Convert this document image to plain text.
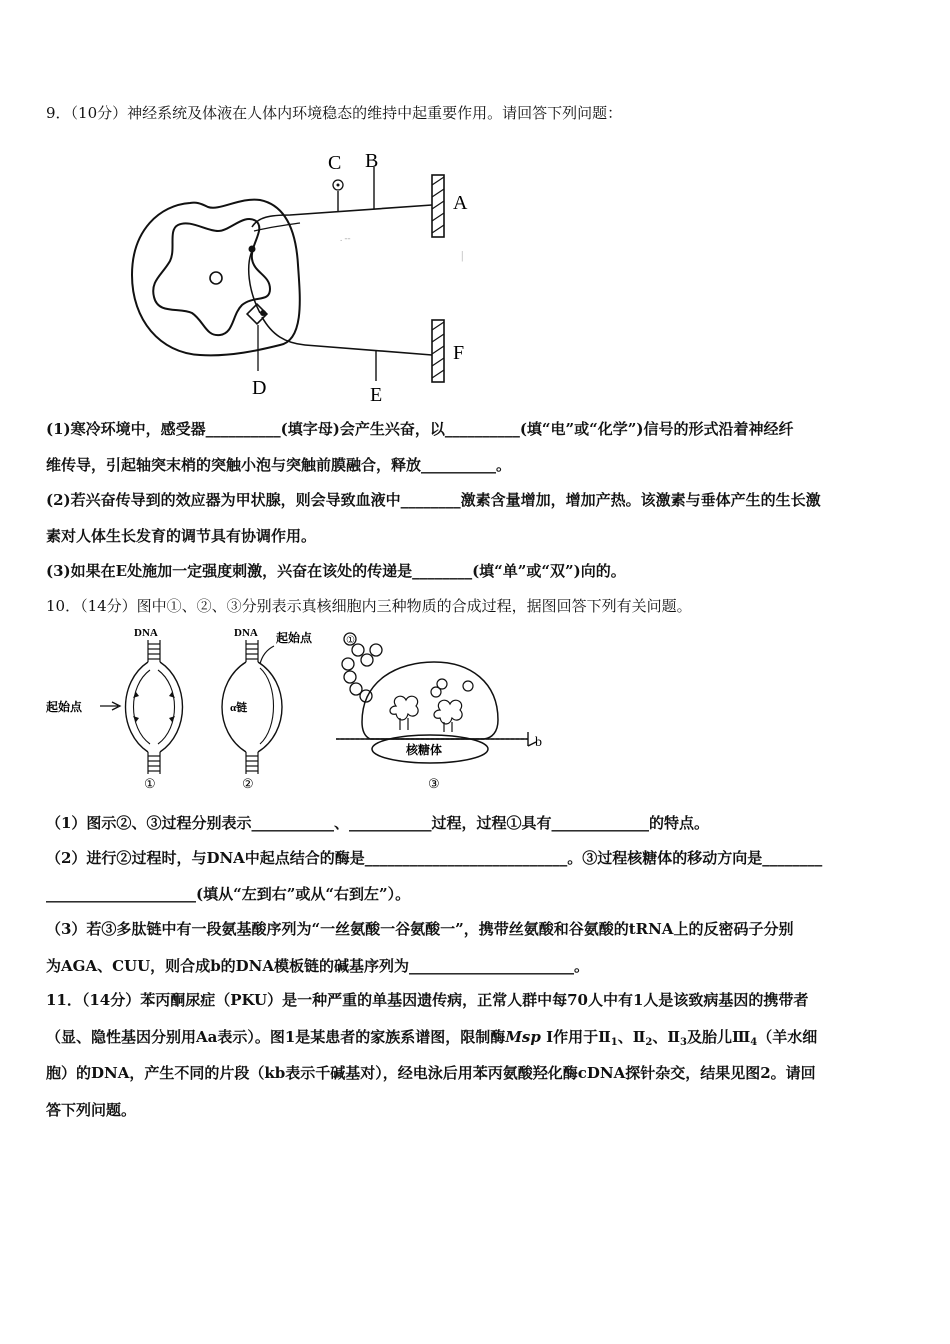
9．（10分）神经系统及体液在人体内环境稳态的维持中起重要作用。请回答下列问题：
. --
|
C B
A
D	E
F
(1)寒冷环境中，感受器__________(填字母)会产生兴奋，以__________(填“电”或“化学”)信号的形式沿着神经纤
维传导，引起轴突末梢的突触小泡与突触前膜融合，释放__________。
(2)若兴奋传导到的效应器为甲状腺，则会导致血液中________激素含量增加，增加产热。该激素与垂体产生的生长激
素对人体生长发育的调节具有协调作用。
(3)如果在E处施加一定强度刺激，兴奋在该处的传递是________(填“单”或“双”)向的。
10．（14分）图中①、②、③分别表示真核细胞内三种物质的合成过程，据图回答下列有关问题。
DNA
起始点
①
DNA
α链
起始点
②
b
核糖体
①
③
（1）图示②、③过程分别表示___________、___________过程，过程①具有_____________的特点。
（2）进行②过程时，与DNA中起点结合的酶是___________________________。③过程核糖体的移动方向是________
____________________(填从“左到右”或从“右到左”）。
（3）若③多肽链中有一段氨基酸序列为“一丝氨酸一谷氨酸一”，携带丝氨酸和谷氨酸的tRNA上的反密码子分别
为AGA、CUU，则合成b的DNA模板链的碱基序列为______________________。
11．（14分）苯丙酮尿症（PKU）是一种严重的单基因遗传病，正常人群中每70人中有1人是该致病基因的携带者
（显、隐性基因分别用Aa表示）。图1是某患者的家族系谱图，限制酶Msp I作用于$Ⅱ_1$、$Ⅱ_2$、$Ⅱ_3$及胎儿$Ⅲ_4$（羊水细
胞）的DNA，产生不同的片段（kb表示千碱基对），经电泳后用苯丙氨酸羟化酶cDNA探针杂交，结果见图2。请回
答下列问题。
